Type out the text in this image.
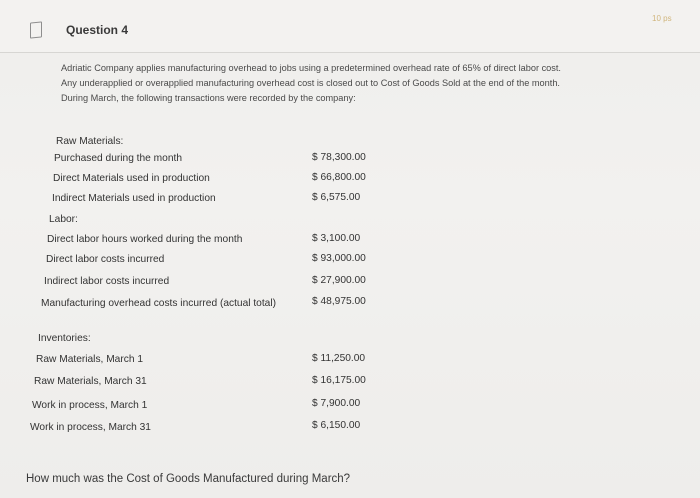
Question 4
10 ps
Adriatic Company applies manufacturing overhead to jobs using a predetermined overhead rate of 65% of direct labor cost.
Any underapplied or overapplied manufacturing overhead cost is closed out to Cost of Goods Sold at the end of the month.
During March, the following transactions were recorded by the company:
Raw Materials:
Purchased during the month	$ 78,300.00
Direct Materials used in production	$ 66,800.00
Indirect Materials used in production	$ 6,575.00
Labor:
Direct labor hours worked during the month	$ 3,100.00
Direct labor costs incurred	$ 93,000.00
Indirect labor costs incurred	$ 27,900.00
Manufacturing overhead costs incurred (actual total)	$ 48,975.00
Inventories:
Raw Materials, March 1	$ 11,250.00
Raw Materials, March 31	$ 16,175.00
Work in process, March 1	$ 7,900.00
Work in process, March 31	$ 6,150.00
How much was the Cost of Goods Manufactured during March?
